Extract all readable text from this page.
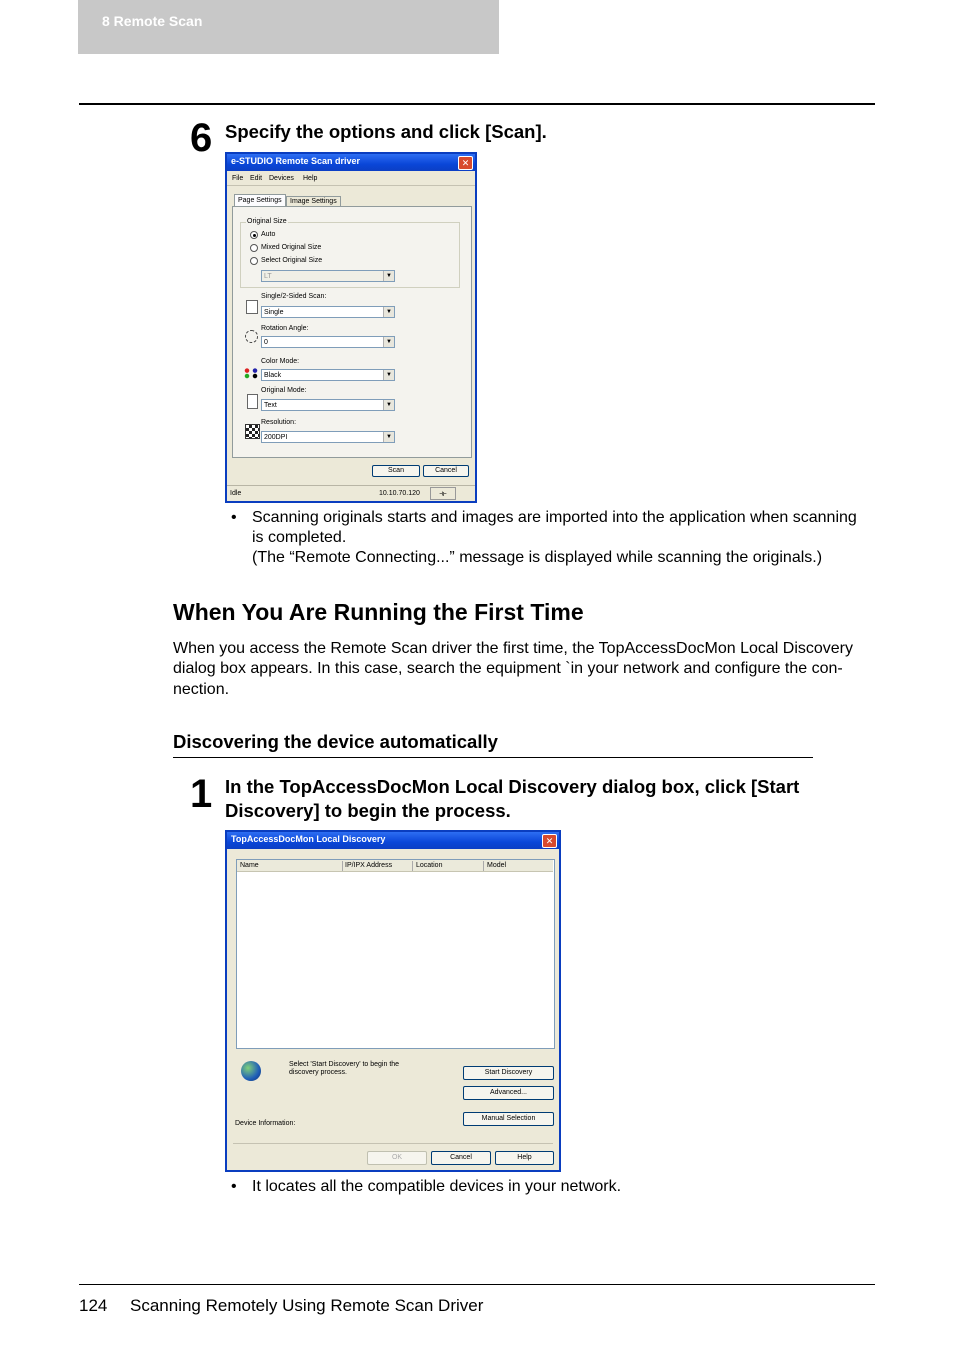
8 Remote Scan
6 Specify the options and click [Scan].
e-STUDIO Remote Scan driver	✕
File Edit Devices Help
Page Settings	Image Settings
Original Size
Auto
Mixed Original Size
Select Original Size
LT	▼
Single/2-Sided Scan:
Single	▼
Rotation Angle:
0	▼
Color Mode:
Black	▼
Original Mode:
Text	▼
Resolution:
200DPI	▼
Scan	Cancel
Idle	10.10.70.120	⟛
• Scanning originals starts and images are imported into the application when scanning
is completed.
(The “Remote Connecting...” message is displayed while scanning the originals.)
When You Are Running the First Time
When you access the Remote Scan driver the first time, the TopAccessDocMon Local Discovery
dialog box appears. In this case, search the equipment `in your network and configure the con-
nection.
Discovering the device automatically
1 In the TopAccessDocMon Local Discovery dialog box, click [Start
Discovery] to begin the process.
TopAccessDocMon Local Discovery	✕
Name	IP/IPX Address	Location	Model
Select 'Start Discovery' to begin the
discovery process.	Start Discovery
Advanced...
Manual Selection
Device Information:
OK	Cancel	Help
• It locates all the compatible devices in your network.
124 Scanning Remotely Using Remote Scan Driver
